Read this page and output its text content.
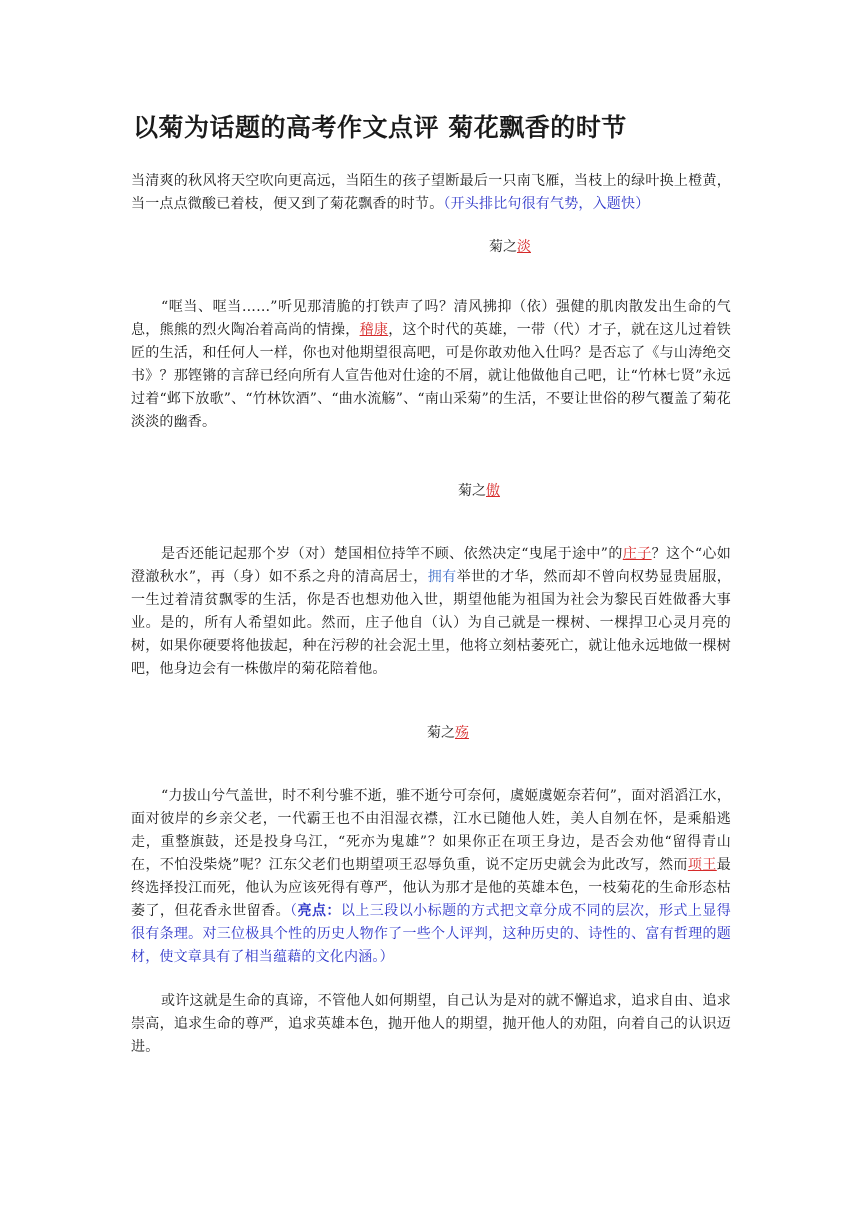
以菊为话题的高考作文点评 菊花飘香的时节
当清爽的秋风将天空吹向更高远，当陌生的孩子望断最后一只南飞雁，当枝上的绿叶换上橙黄，当一点点微酸已着枝，便又到了菊花飘香的时节。（开头排比句很有气势，入题快）
菊之淡
“哐当、哐当……”听见那清脆的打铁声了吗？清风拂抑（依）强健的肌肉散发出生命的气息，熊熊的烈火陶冶着高尚的情操，稽康，这个时代的英雄，一带（代）才子，就在这儿过着铁匠的生活，和任何人一样，你也对他期望很高吧，可是你敢劝他入仕吗？是否忘了《与山涛绝交书》？那铿锵的言辞已经向所有人宣告他对仕途的不屑，就让他做他自己吧，让“竹林七贤”永远过着“邺下放歌”、“竹林饮酒”、“曲水流觞”、“南山采菊”的生活，不要让世俗的秽气覆盖了菊花淡淡的幽香。
菊之傲
是否还能记起那个岁（对）楚国相位持竿不顾、依然决定“曳尾于途中”的庄子？这个“心如澄澈秋水”，再（身）如不系之舟的清高居士，拥有举世的才华，然而却不曾向权势显贵屈服，一生过着清贫飘零的生活，你是否也想劝他入世，期望他能为祖国为社会为黎民百姓做番大事业。是的，所有人希望如此。然而，庄子他自（认）为自己就是一棵树、一棵捍卫心灵月亮的树，如果你硬要将他拔起，种在污秽的社会泥土里，他将立刻枯萎死亡，就让他永远地做一棵树吧，他身边会有一株傲岸的菊花陪着他。
菊之殇
“力拔山兮气盖世，时不利兮骓不逝，骓不逝兮可奈何，虞姬虞姬奈若何”，面对滔滔江水，面对彼岸的乡亲父老，一代霸王也不由泪湿衣襟，江水已随他人姓，美人自刎在怀，是乘船逃走，重整旗鼓，还是投身乌江，“死亦为鬼雄”？如果你正在项王身边，是否会劝他“留得青山在，不怕没柴烧”呢？江东父老们也期望项王忍辱负重，说不定历史就会为此改写，然而项王最终选择投江而死，他认为应该死得有尊严，他认为那才是他的英雄本色，一枝菊花的生命形态枯萎了，但花香永世留香。（亮点：以上三段以小标题的方式把文章分成不同的层次，形式上显得很有条理。对三位极具个性的历史人物作了一些个人评判，这种历史的、诗性的、富有哲理的题材，使文章具有了相当蕴藉的文化内涵。）
或许这就是生命的真谛，不管他人如何期望，自己认为是对的就不懈追求，追求自由、追求崇高，追求生命的尊严，追求英雄本色，抛开他人的期望，抛开他人的劝阻，向着自己的认识迈进。
